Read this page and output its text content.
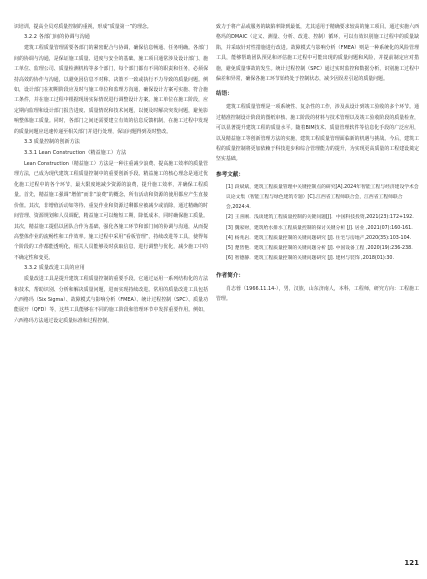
识培训，提高全员对质量控制的重视，形成“质量第一”的理念。

3.2.2 各部门间的协调与沟通

建筑工程质量管理需要各部门的紧密配合与协调，确保信息畅通、任务明确。各部门间的协调与沟通，是保证施工质量、进度与安全的基础。施工项目通常涉及设计部门、施工单位、监理公司、质量检测机构等多个部门，每个部门都有不同的职责和任务，必须保持高效的协作与沟通，以避免因信息不对称、决策不一致或执行不力导致的质量问题。例如，设计部门在初期阶段应及时与施工单位和监理方沟通，确保设计方案可实施、符合施工条件，并在施工过程中根据现场实际情况进行调整设计方案。施工单位在施工阶段，应定期向监理和设计部门报告进度、质量情况和技术问题，以便及时解决突发问题，避免影响整体施工质量。同时，各部门之间还需要建立有效的信息反馈机制，在施工过程中发现的质量问题应迅速传递至相关部门并进行处理，保证问题得到及时整改。

3.3 质量控制的创新方法
3.3.1 Lean Construction（精益施工）方法

Lean Construction（精益施工）方法是一种注重减少浪费、提高施工效率的质量管理方法，已成为现代建筑工程质量控制中的重要创新手段。精益施工的核心理念是通过优化施工过程中的各个环节，最大限度地减少资源的浪费，提升施工效率，并确保工程质量。首先，精益施工强调“增值”而非“浪费”的概念，所有活动和资源的使用都应产生直接价值。其次，非增值活动如等待、重复作业和资源过剩都应被减少或消除，通过精确的时间管理、资源规划和人员调配，精益施工可以缩短工期，降低成本，同时确保施工质量。其次，精益施工提倡以团队合作为基础，强化各施工环节和部门间的协调与沟通，从而提高整体作业的流畅性和工作效率。施工过程中采用“看板管理”，持续改进等工具，使得每个阶段的工作都能透明化，相关人员能够及时获取信息，进行调整与优化，减少施工中的不确定性和变更。

3.3.2 质量改进工具的应用

质量改进工具是提升建筑工程质量控制的重要手段。它通过运用一系列结构化的方法和技术，帮助识别、分析和解决质量问题，进而实现持续改进。常用的质量改进工具包括六西格玛（Six Sigma）、故障模式与影响分析（FMEA）、统计过程控制（SPC）、质量功能展开（QFD）等，这些工具能够在不同的施工阶段和管理环节中发挥重要作用。例如，六西格玛方法通过设定质量标准和过程控制，

致力于将产品或服务的缺陷率降到最低，尤其适用于精确要求较高的施工项目。通过实施六西格玛的DMAIC（定义、测量、分析、改进、控制）循环，可以有效识别施工过程中的质量缺陷，并采取针对性措施进行改进。故障模式与影响分析（FMEA）则是一种系统化的风险管理工具，能够帮助团队预见和评估施工过程中可能出现的质量问题和风险，并提前制定应对措施，避免质量事故的发生。统计过程控制（SPC）通过实时监控和数据分析，识别施工过程中偏差和异常，确保各施工环节始终处于控制状态，减少因误差引起的质量问题。

结语：

建筑工程质量管理是一项系统性、复杂性的工作，涉及从设计到竣工验收的多个环节。通过精准控制设计阶段的图纸审核、施工阶段的材料与技术管理以及竣工验收阶段的质量检查，可以显著提升建筑工程的质量水平。随着BIM技术、质量管理软件等信息化手段的广泛应用，以及精益施工等创新管理方法的实施，建筑工程质量管理面临新的机遇与挑战。今后，建筑工程的质量控制将更加依赖于科技进步和综合管理能力的提升，为实现更高质量的工程建设奠定坚实基础。

参考文献：
[1] 段斌斌，建筑工程质量管理中关键控制点的研究[A].2024年智能工程与经济建设学术会议论文集（智能工程与绿色建筑专题）[C].江西省工程师联合会，江西省工程师联合会,2024:4.
[2] 王喜刚．浅谈建筑工程质量控制的关键问题[J]．中国科技投资,2021(23):172+192.
[3] 魏家财，建筑给水排水工程质量控制的探讨关键分析 [J]. 居业 ,2021(07):160-161.
[4] 杨兆岩．建筑工程质量控制的关键问题研究 [J]. 住宅与房地产,2020(35):103-104.
[5] 楚皆艳．建筑工程质量控制的关键问题分析 [J]. 中国设备工程 ,2020(19):236-238.
[6] 智德静．建筑工程质量控制的关键问题研究 [J]. 建材与装饰 ,2018(01):30.
作者简介：

肖志蓉（1966.11.14-），男，汉族，山东济南人，本科，工程师，研究方向：工程施工管理。

121
